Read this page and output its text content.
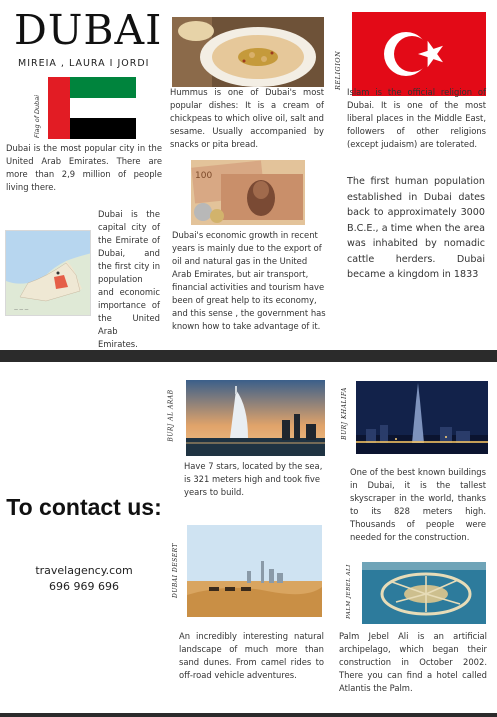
DUBAI
MIREIA , LAURA I JORDI
Flag of Dubai

Dubai is the most popular city in the United Arab Emirates. There are more than 2,9 million of people living there.

— — —

Dubai is the capital city of the Emirate of Dubai, and the first city in population and economic importance of the United Arab Emirates.

Hummus is one of Dubai's most popular dishes: It is a cream of chickpeas to which olive oil, salt and sesame. Usually accompanied by snacks or pita bread.

100

Dubai's economic growth in recent years is mainly due to the export of oil and natural gas in the United Arab Emirates, but air transport, financial activities and tourism have been of great help to its economy, and this sense , the government has known how to take advantage of it.

RELIGION

Islam is the official religion of Dubai. It is one of the most liberal places in the Middle East, followers of other religions (except judaism) are tolerated.

The first human population established in Dubai dates back to approximately 3000 B.C.E., a time when the area was inhabited by nomadic cattle herders. Dubai became a kingdom in 1833

To contact us:
travelagency.com
696 969 696
BURJ AL ARAB

Have 7 stars, located by the sea, is 321 meters high and took five years to build.

BURJ KHALIFA

One of the best known buildings in Dubai, it is the tallest skyscraper in the world, thanks to its 828 meters high. Thousands of people were needed for the construction.

DUBAI DESERT

An incredibly interesting natural landscape of much more than sand dunes. From camel rides to off-road vehicle adventures.

PALM JEBEL ALI

Palm Jebel Ali is an artificial archipelago, which began their construction in October 2002. There you can find a hotel called Atlantis the Palm.
